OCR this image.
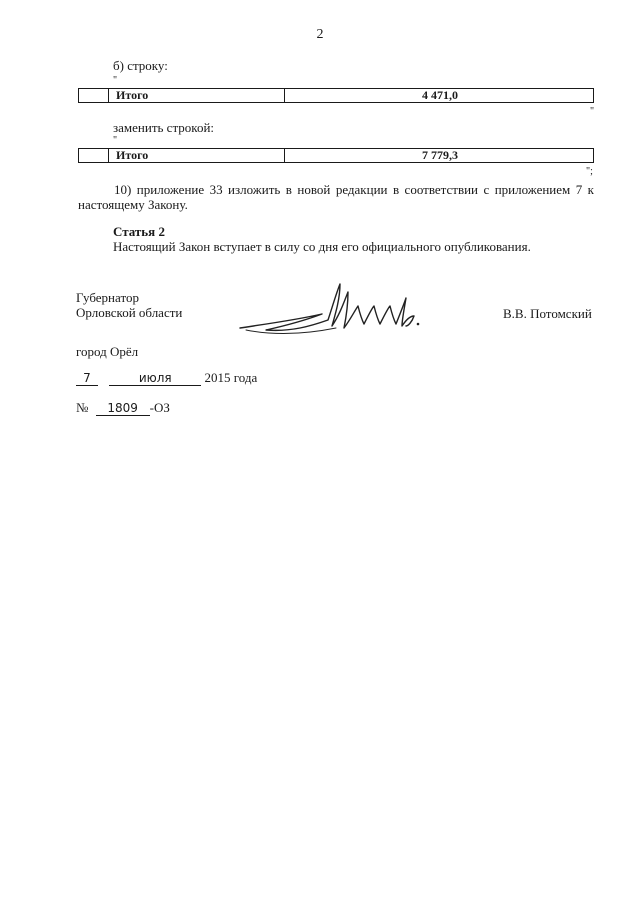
2
б) строку:
"
Итого	4 471,0
"
заменить строкой:
"
Итого	7 779,3
";
10) приложение 33 изложить в новой редакции в соответствии с приложением 7 к настоящему Закону.
Статья 2
Настоящий Закон вступает в силу со дня его официального опубликования.
Губернатор
Орловской области	В.В. Потомский
город Орёл
7	июля	2015 года
№ 1809 -ОЗ
